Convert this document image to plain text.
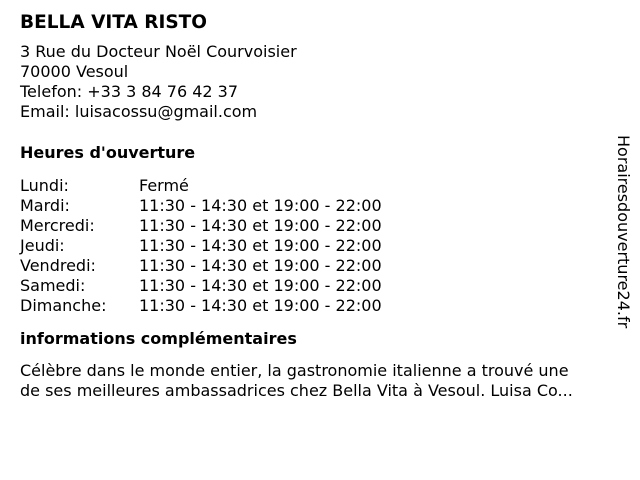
BELLA VITA RISTO
3 Rue du Docteur Noël Courvoisier
70000 Vesoul
Telefon: +33 3 84 76 42 37
Email: luisacossu@gmail.com
Heures d'ouverture
Lundi:	Fermé
Mardi:	11:30 - 14:30 et 19:00 - 22:00
Mercredi:	11:30 - 14:30 et 19:00 - 22:00
Jeudi:	11:30 - 14:30 et 19:00 - 22:00
Vendredi:	11:30 - 14:30 et 19:00 - 22:00
Samedi:	11:30 - 14:30 et 19:00 - 22:00
Dimanche:	11:30 - 14:30 et 19:00 - 22:00
informations complémentaires
Célèbre dans le monde entier, la gastronomie italienne a trouvé une
de ses meilleures ambassadrices chez Bella Vita à Vesoul. Luisa Co...
Horairesdouverture24.fr
